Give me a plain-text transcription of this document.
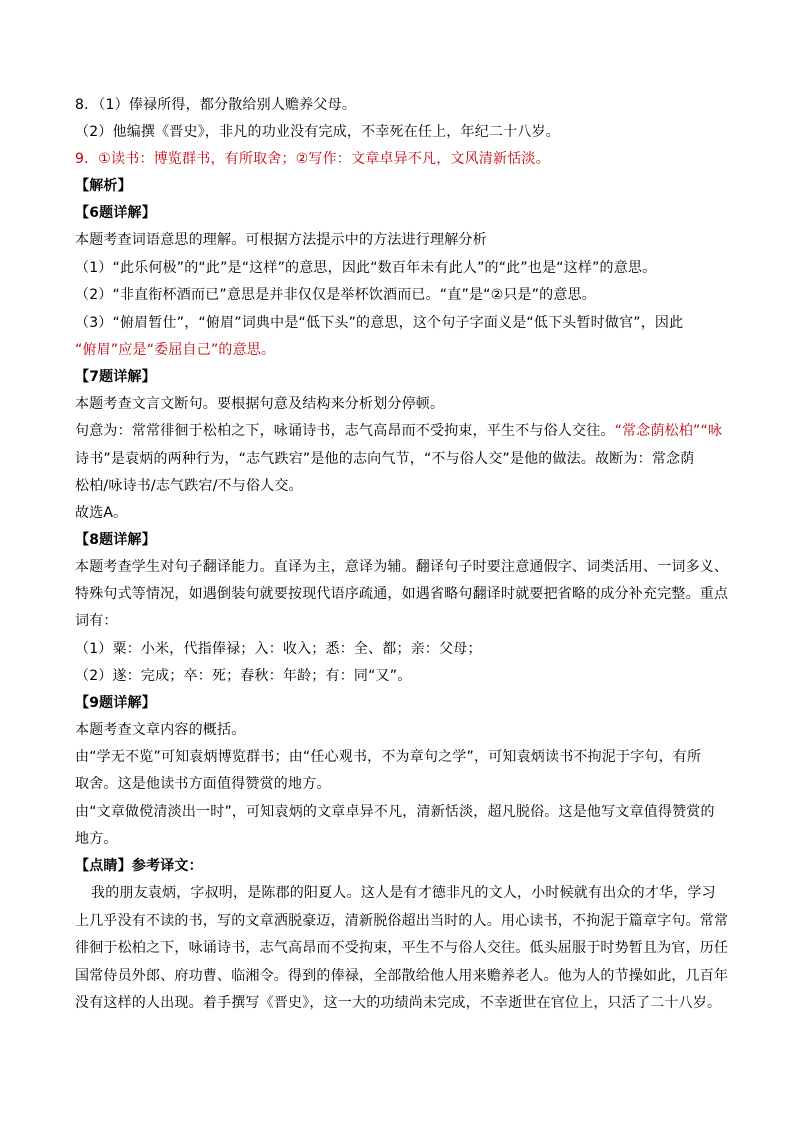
8．（1）俸禄所得，都分散给别人赡养父母。
（2）他编撰《晋史》，非凡的功业没有完成，不幸死在任上，年纪二十八岁。
9．①读书：博览群书，有所取舍；②写作：文章卓异不凡，文风清新恬淡。
【解析】
【6题详解】
本题考查词语意思的理解。可根据方法提示中的方法进行理解分析
（1）“此乐何极”的“此”是“这样”的意思，因此“数百年未有此人”的“此”也是“这样”的意思。
（2）“非直衔杯酒而已”意思是并非仅仅是举杯饮酒而已。“直”是“②只是”的意思。
（3）“俯眉暂仕”，“俯眉”词典中是“低下头”的意思，这个句子字面义是“低下头暂时做官”，因此
“俯眉”应是“委屈自己”的意思。
【7题详解】
本题考查文言文断句。要根据句意及结构来分析划分停顿。
句意为：常常徘徊于松柏之下，咏诵诗书，志气高昂而不受拘束，平生不与俗人交往。“常念荫松柏”“咏
诗书”是袁炳的两种行为，“志气跌宕”是他的志向气节，“不与俗人交”是他的做法。故断为：常念荫
松柏/咏诗书/志气跌宕/不与俗人交。
故选A。
【8题详解】
本题考查学生对句子翻译能力。直译为主，意译为辅。翻译句子时要注意通假字、词类活用、一词多义、
特殊句式等情况，如遇倒装句就要按现代语序疏通，如遇省略句翻译时就要把省略的成分补充完整。重点
词有：
（1）粟：小米，代指俸禄；入：收入；悉：全、都；亲：父母；
（2）遂：完成；卒：死；春秋：年龄；有：同“又”。
【9题详解】
本题考查文章内容的概括。
由“学无不览”可知袁炳博览群书；由“任心观书，不为章句之学”，可知袁炳读书不拘泥于字句，有所
取舍。这是他读书方面值得赞赏的地方。
由“文章做傥清淡出一时”，可知袁炳的文章卓异不凡，清新恬淡，超凡脱俗。这是他写文章值得赞赏的
地方。
【点睛】参考译文：
我的朋友袁炳，字叔明，是陈郡的阳夏人。这人是有才德非凡的文人，小时候就有出众的才华，学习
上几乎没有不读的书，写的文章洒脱豪迈，清新脱俗超出当时的人。用心读书，不拘泥于篇章字句。常常
徘徊于松柏之下，咏诵诗书，志气高昂而不受拘束，平生不与俗人交往。低头屈服于时势暂且为官，历任
国常侍员外郎、府功曹、临湘令。得到的俸禄，全部散给他人用来赡养老人。他为人的节操如此，几百年
没有这样的人出现。着手撰写《晋史》，这一大的功绩尚未完成，不幸逝世在官位上，只活了二十八岁。
